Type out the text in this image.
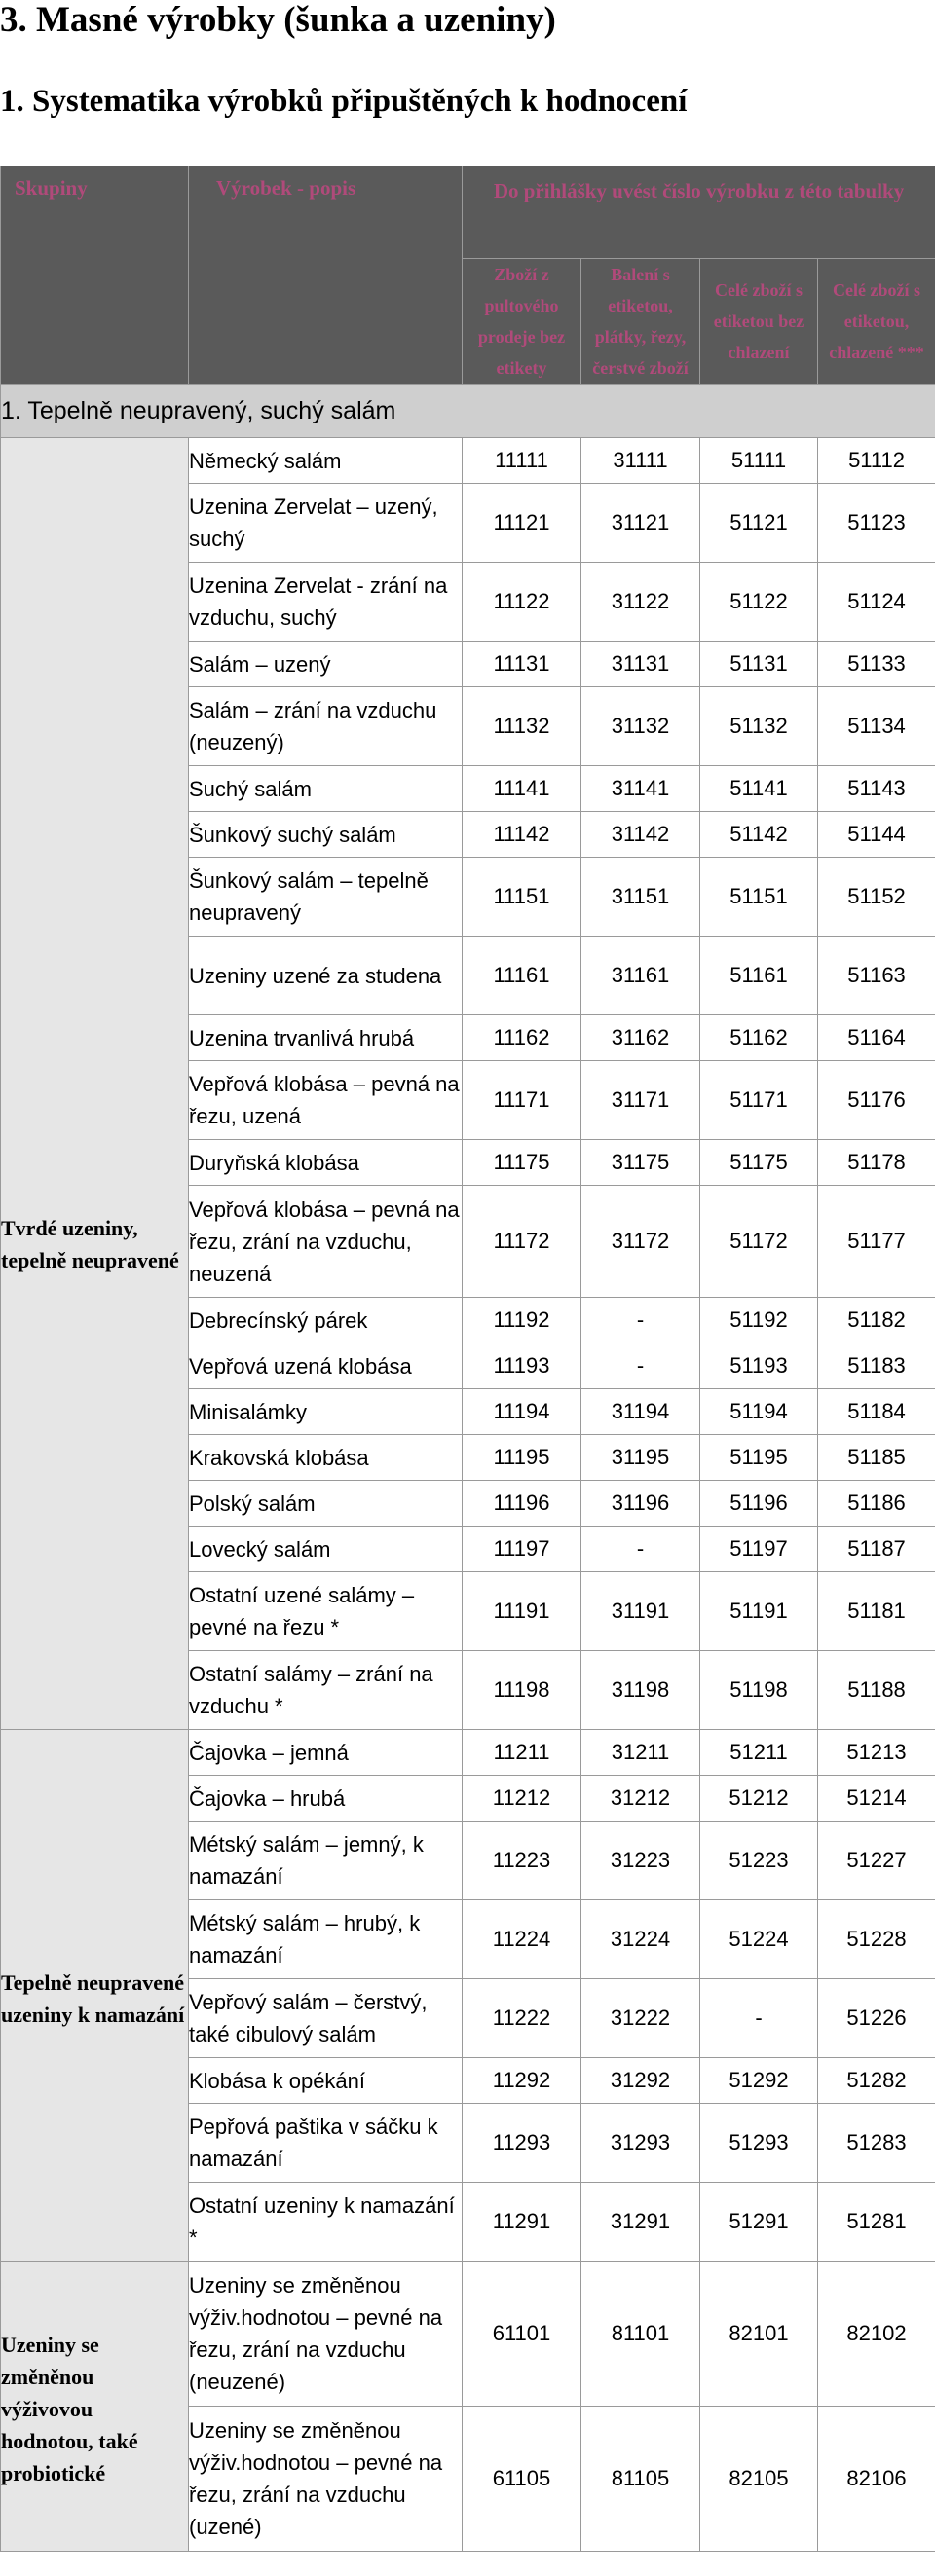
3. Masné výrobky (šunka a uzeniny)
1. Systematika výrobků připuštěných k hodnocení
Skupiny	Výrobek - popis	Do přihlášky uvést číslo výrobku z této tabulky			
		Zboží z pultového prodeje bez etikety	Balení s etiketou, plátky, řezy, čerstvé zboží	Celé zboží s etiketou bez chlazení	Celé zboží s etiketou, chlazené ***
1. Tepelně neupravený, suchý salám					

Tvrdé uzeniny, tepelně neupravené	Německý salám	11111	31111	51111	51112
	Uzenina Zervelat – uzený, suchý	11121	31121	51121	51123
	Uzenina Zervelat - zrání na vzduchu, suchý	11122	31122	51122	51124
	Salám – uzený	11131	31131	51131	51133
	Salám – zrání na vzduchu (neuzený)	11132	31132	51132	51134
	Suchý salám	11141	31141	51141	51143
	Šunkový suchý salám	11142	31142	51142	51144
	Šunkový salám – tepelně neupravený	11151	31151	51151	51152
	Uzeniny uzené za studena	11161	31161	51161	51163
	Uzenina trvanlivá hrubá	11162	31162	51162	51164
	Vepřová klobása – pevná na řezu, uzená	11171	31171	51171	51176
	Duryňská klobása	11175	31175	51175	51178
	Vepřová klobása – pevná na řezu, zrání na vzduchu, neuzená	11172	31172	51172	51177
	Debrecínský párek	11192	-	51192	51182
	Vepřová uzená klobása	11193	-	51193	51183
	Minisalámky	11194	31194	51194	51184
	Krakovská klobása	11195	31195	51195	51185
	Polský salám	11196	31196	51196	51186
	Lovecký salám	11197	-	51197	51187
	Ostatní uzené salámy – pevné na řezu *	11191	31191	51191	51181
	Ostatní salámy – zrání na vzduchu *	11198	31198	51198	51188

Tepelně neupravené uzeniny k namazání	Čajovka – jemná	11211	31211	51211	51213
	Čajovka – hrubá	11212	31212	51212	51214
	Métský salám – jemný, k namazání	11223	31223	51223	51227
	Métský salám – hrubý, k namazání	11224	31224	51224	51228
	Vepřový salám – čerstvý, také cibulový salám	11222	31222	-	51226
	Klobása k opékání	11292	31292	51292	51282
	Pepřová paštika v sáčku k namazání	11293	31293	51293	51283
	Ostatní uzeniny k namazání *	11291	31291	51291	51281

Uzeniny se změněnou výživovou hodnotou, také probiotické	Uzeniny se změněnou výživ.hodnotou – pevné na řezu, zrání na vzduchu (neuzené)	61101	81101	82101	82102
	Uzeniny se změněnou výživ.hodnotou – pevné na řezu, zrání na vzduchu (uzené)	61105	81105	82105	82106
